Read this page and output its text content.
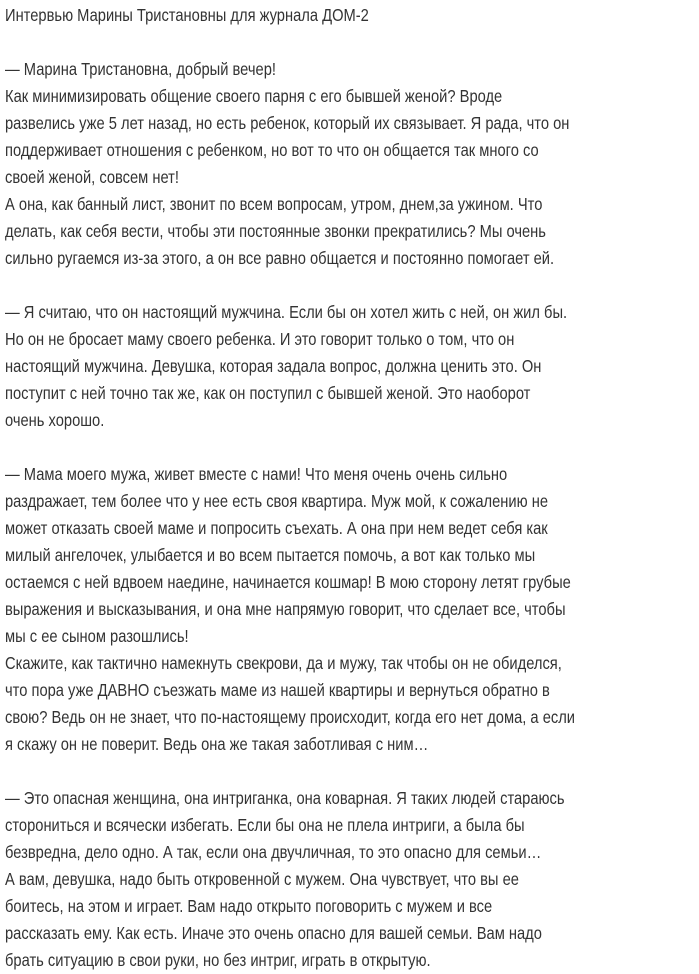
Интервью Марины Тристановны для журнала ДОМ-2
— Марина Тристановна, добрый вечер!
Как минимизировать общение своего парня с его бывшей женой? Вроде
развелись уже 5 лет назад, но есть ребенок, который их связывает. Я рада, что он
поддерживает отношения с ребенком, но вот то что он общается так много со
своей женой, совсем нет!
А она, как банный лист, звонит по всем вопросам, утром, днем,за ужином. Что
делать, как себя вести, чтобы эти постоянные звонки прекратились? Мы очень
сильно ругаемся из-за этого, а он все равно общается и постоянно помогает ей.
— Я считаю, что он настоящий мужчина. Если бы он хотел жить с ней, он жил бы.
Но он не бросает маму своего ребенка. И это говорит только о том, что он
настоящий мужчина. Девушка, которая задала вопрос, должна ценить это. Он
поступит с ней точно так же, как он поступил с бывшей женой. Это наоборот
очень хорошо.
— Мама моего мужа, живет вместе с нами! Что меня очень очень сильно
раздражает, тем более что у нее есть своя квартира. Муж мой, к сожалению не
может отказать своей маме и попросить съехать. А она при нем ведет себя как
милый ангелочек, улыбается и во всем пытается помочь, а вот как только мы
остаемся с ней вдвоем наедине, начинается кошмар! В мою сторону летят грубые
выражения и высказывания, и она мне напрямую говорит, что сделает все, чтобы
мы с ее сыном разошлись!
Скажите, как тактично намекнуть свекрови, да и мужу, так чтобы он не обиделся,
что пора уже ДАВНО съезжать маме из нашей квартиры и вернуться обратно в
свою? Ведь он не знает, что по-настоящему происходит, когда его нет дома, а если
я скажу он не поверит. Ведь она же такая заботливая с ним…
— Это опасная женщина, она интриганка, она коварная. Я таких людей стараюсь
сторониться и всячески избегать. Если бы она не плела интриги, а была бы
безвредна, дело одно. А так, если она двучличная, то это опасно для семьи…
А вам, девушка, надо быть откровенной с мужем. Она чувствует, что вы ее
боитесь, на этом и играет. Вам надо открыто поговорить с мужем и все
рассказать ему. Как есть. Иначе это очень опасно для вашей семьи. Вам надо
брать ситуацию в свои руки, но без интриг, играть в открытую.
